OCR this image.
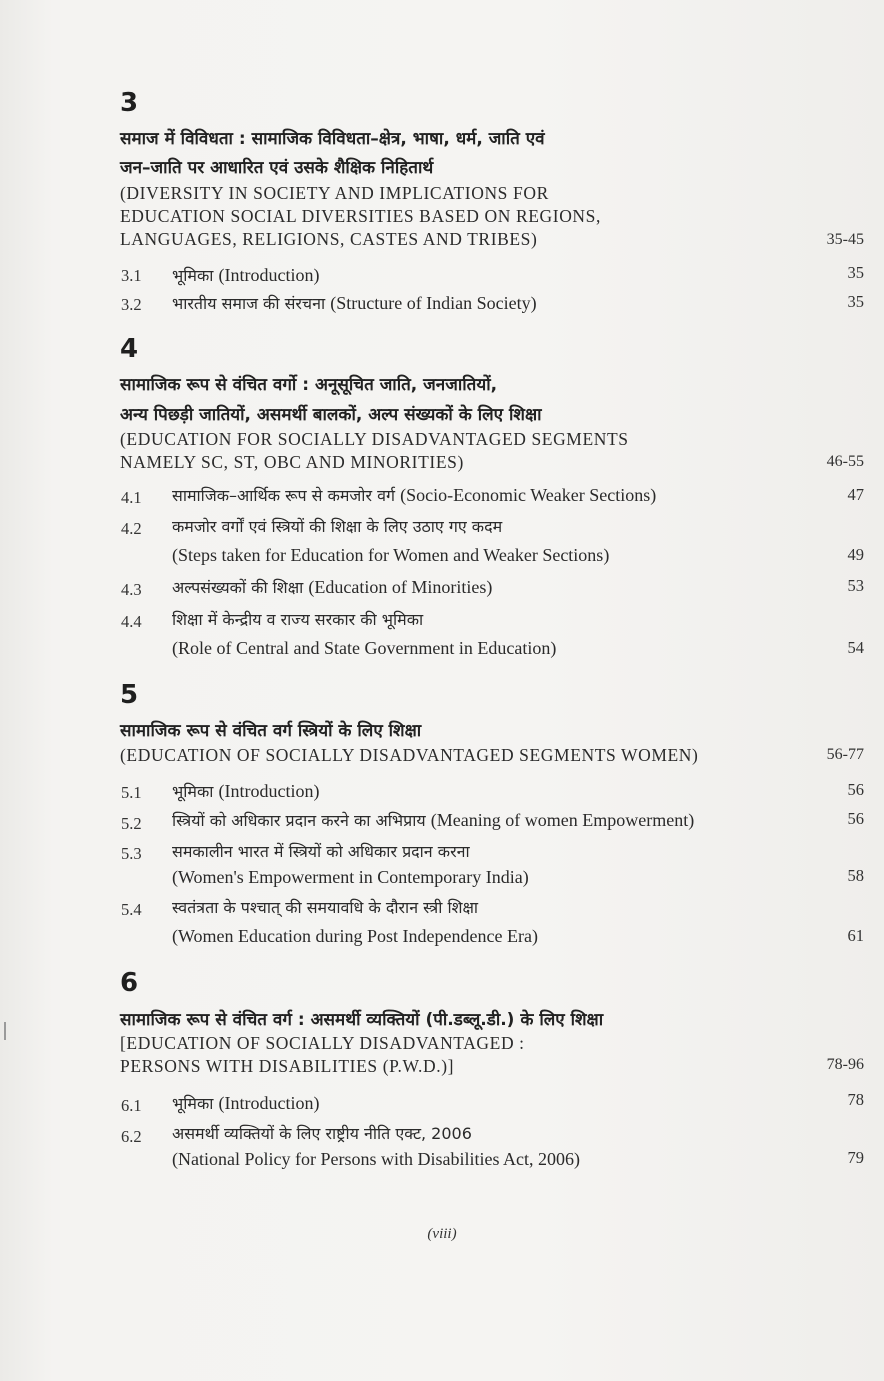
3
समाज में विविधता : सामाजिक विविधता–क्षेत्र, भाषा, धर्म, जाति एवं
जन–जाति पर आधारित एवं उसके शैक्षिक निहितार्थ
(DIVERSITY IN SOCIETY AND IMPLICATIONS FOR
EDUCATION SOCIAL DIVERSITIES BASED ON REGIONS,
LANGUAGES, RELIGIONS, CASTES AND TRIBES)	35-45
3.1 भूमिका (Introduction)	35
3.2 भारतीय समाज की संरचना (Structure of Indian Society)	35
4
सामाजिक रूप से वंचित वर्गो : अनूसूचित जाति, जनजातियों,
अन्य पिछड़ी जातियों, असमर्थी बालकों, अल्प संख्यकों के लिए शिक्षा
(EDUCATION FOR SOCIALLY DISADVANTAGED SEGMENTS
NAMELY SC, ST, OBC AND MINORITIES)	46-55
4.1 सामाजिक–आर्थिक रूप से कमजोर वर्ग (Socio-Economic Weaker Sections)	47
4.2 कमजोर वर्गों एवं स्त्रियों की शिक्षा के लिए उठाए गए कदम
(Steps taken for Education for Women and Weaker Sections)	49
4.3 अल्पसंख्यकों की शिक्षा (Education of Minorities)	53
4.4 शिक्षा में केन्द्रीय व राज्य सरकार की भूमिका
(Role of Central and State Government in Education)	54
5
सामाजिक रूप से वंचित वर्ग स्त्रियों के लिए शिक्षा
(EDUCATION OF SOCIALLY DISADVANTAGED SEGMENTS WOMEN)	56-77
5.1 भूमिका (Introduction)	56
5.2 स्त्रियों को अधिकार प्रदान करने का अभिप्राय (Meaning of women Empowerment)	56
5.3 समकालीन भारत में स्त्रियों को अधिकार प्रदान करना
(Women's Empowerment in Contemporary India)	58
5.4 स्वतंत्रता के पश्चात् की समयावधि के दौरान स्त्री शिक्षा
(Women Education during Post Independence Era)	61
6
सामाजिक रूप से वंचित वर्ग : असमर्थी व्यक्तियों (पी.डब्लू.डी.) के लिए शिक्षा
[EDUCATION OF SOCIALLY DISADVANTAGED :
PERSONS WITH DISABILITIES (P.W.D.)]	78-96
6.1 भूमिका (Introduction)	78
6.2 असमर्थी व्यक्तियों के लिए राष्ट्रीय नीति एक्ट, 2006
(National Policy for Persons with Disabilities Act, 2006)	79
(viii)
